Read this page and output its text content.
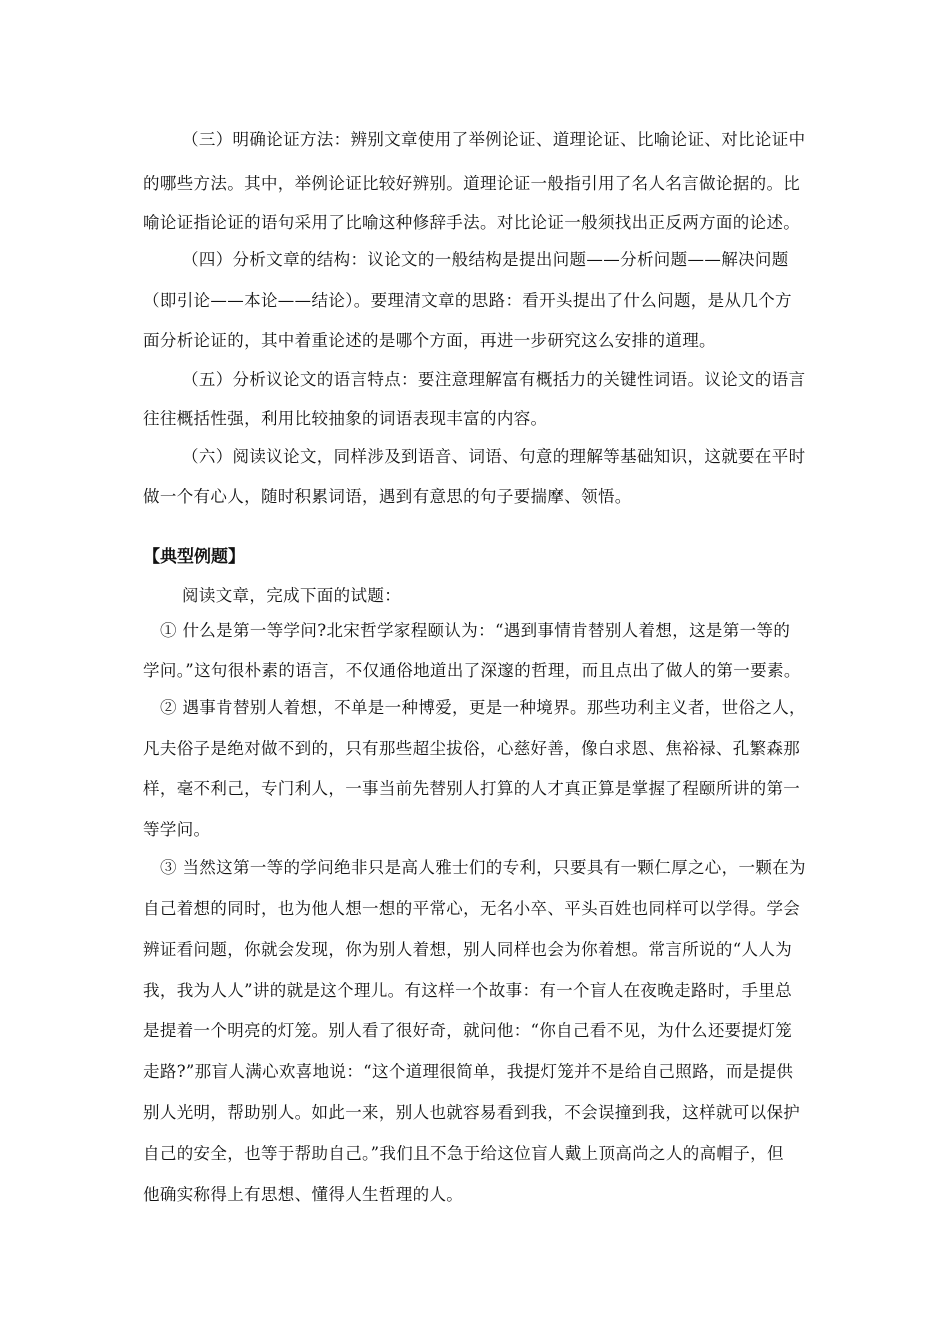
（三）明确论证方法：辨别文章使用了举例论证、道理论证、比喻论证、对比论证中
的哪些方法。其中，举例论证比较好辨别。道理论证一般指引用了名人名言做论据的。比
喻论证指论证的语句采用了比喻这种修辞手法。对比论证一般须找出正反两方面的论述。
（四）分析文章的结构：议论文的一般结构是提出问题——分析问题——解决问题
（即引论——本论——结论）。要理清文章的思路：看开头提出了什么问题，是从几个方
面分析论证的，其中着重论述的是哪个方面，再进一步研究这么安排的道理。
（五）分析议论文的语言特点：要注意理解富有概括力的关键性词语。议论文的语言
往往概括性强，利用比较抽象的词语表现丰富的内容。
（六）阅读议论文，同样涉及到语音、词语、句意的理解等基础知识，这就要在平时
做一个有心人，随时积累词语，遇到有意思的句子要揣摩、领悟。
【典型例题】
阅读文章，完成下面的试题：
① 什么是第一等学问?北宋哲学家程颐认为：“遇到事情肯替别人着想，这是第一等的
学问。”这句很朴素的语言，不仅通俗地道出了深邃的哲理，而且点出了做人的第一要素。
② 遇事肯替别人着想，不单是一种博爱，更是一种境界。那些功利主义者，世俗之人，
凡夫俗子是绝对做不到的，只有那些超尘拔俗，心慈好善，像白求恩、焦裕禄、孔繁森那
样，毫不利己，专门利人，一事当前先替别人打算的人才真正算是掌握了程颐所讲的第一
等学问。
③ 当然这第一等的学问绝非只是高人雅士们的专利，只要具有一颗仁厚之心，一颗在为
自己着想的同时，也为他人想一想的平常心，无名小卒、平头百姓也同样可以学得。学会
辨证看问题，你就会发现，你为别人着想，别人同样也会为你着想。常言所说的“人人为
我，我为人人”讲的就是这个理儿。有这样一个故事：有一个盲人在夜晚走路时，手里总
是提着一个明亮的灯笼。别人看了很好奇，就问他：“你自己看不见，为什么还要提灯笼
走路?”那盲人满心欢喜地说：“这个道理很简单，我提灯笼并不是给自己照路，而是提供
别人光明，帮助别人。如此一来，别人也就容易看到我，不会误撞到我，这样就可以保护
自己的安全，也等于帮助自己。”我们且不急于给这位盲人戴上顶高尚之人的高帽子，但
他确实称得上有思想、懂得人生哲理的人。
